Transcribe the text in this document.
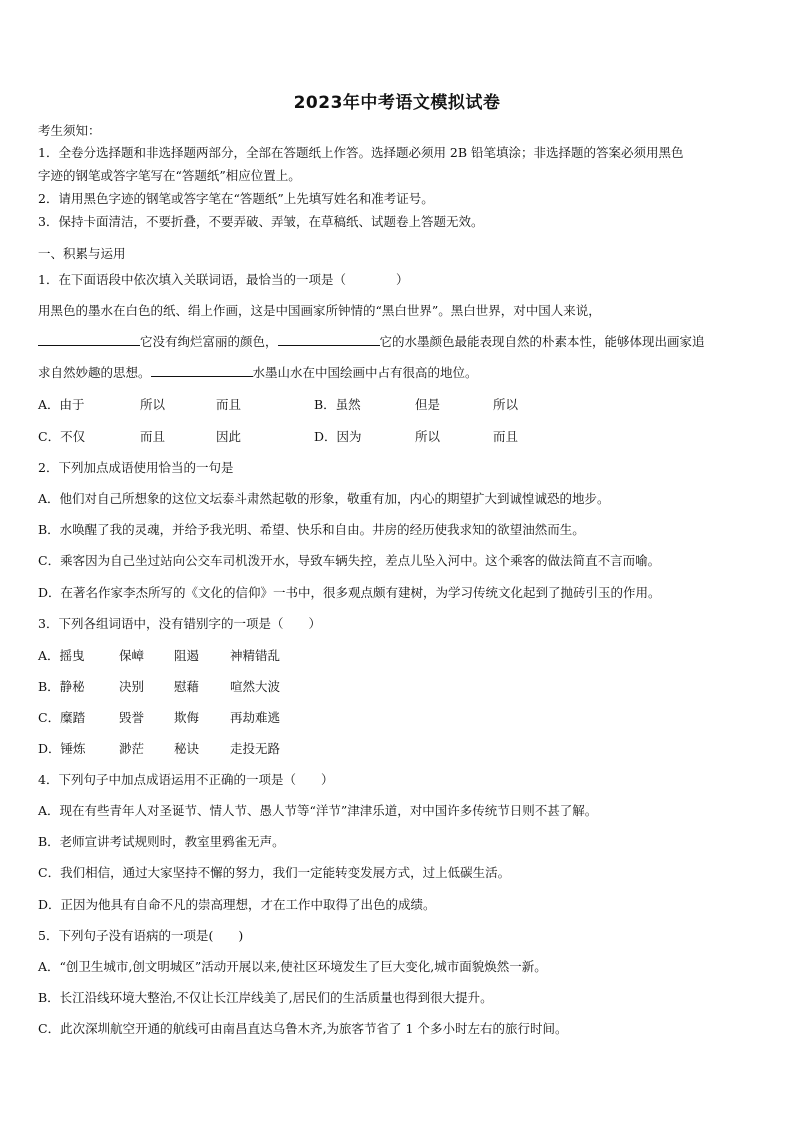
2023年中考语文模拟试卷
考生须知：

1．全卷分选择题和非选择题两部分，全部在答题纸上作答。选择题必须用 2B 铅笔填涂；非选择题的答案必须用黑色

字迹的钢笔或答字笔写在“答题纸”相应位置上。

2．请用黑色字迹的钢笔或答字笔在“答题纸”上先填写姓名和准考证号。

3．保持卡面清洁，不要折叠，不要弄破、弄皱，在草稿纸、试题卷上答题无效。

一、积累与运用
1．在下面语段中依次填入关联词语，最恰当的一项是（　　　　）

用黑色的墨水在白色的纸、绢上作画，这是中国画家所钟情的“黑白世界”。黑白世界，对中国人来说，

它没有绚烂富丽的颜色，	它的水墨颜色最能表现自然的朴素本性，能够体现出画家追

求自然妙趣的思想。	水墨山水在中国绘画中占有很高的地位。

A．由于	所以	而且	B．虽然	但是	所以
C．不仅	而且	因此	D．因为	所以	而且
2．下列加点成语使用恰当的一句是
A．他们对自己所想象的这位文坛泰斗肃然起敬的形象，敬重有加，内心的期望扩大到诚惶诚恐的地步。
B．水唤醒了我的灵魂，并给予我光明、希望、快乐和自由。井房的经历使我求知的欲望油然而生。
C．乘客因为自己坐过站向公交车司机泼开水，导致车辆失控，差点儿坠入河中。这个乘客的做法简直不言而喻。
D．在著名作家李杰所写的《文化的信仰》一书中，很多观点颇有建树，为学习传统文化起到了抛砖引玉的作用。
3．下列各组词语中，没有错别字的一项是（　　）
A．摇曳	保嶂 阻遏 神精错乱
B．静秘	决别 慰藉 喧然大波
C．糜踏	毁誉 欺侮 再劫难逃
D．锤炼	渺茫 秘诀 走投无路
4．下列句子中加点成语运用不正确的一项是（　　）
A．现在有些青年人对圣诞节、情人节、愚人节等“洋节”津津乐道，对中国许多传统节日则不甚了解。
B．老师宣讲考试规则时，教室里鸦雀无声。
C．我们相信，通过大家坚持不懈的努力，我们一定能转变发展方式，过上低碳生活。
D．正因为他具有自命不凡的崇高理想，才在工作中取得了出色的成绩。
5．下列句子没有语病的一项是(　　)
A．“创卫生城市,创文明城区”活动开展以来,使社区环境发生了巨大变化,城市面貌焕然一新。
B．长江沿线环境大整治,不仅让长江岸线美了,居民们的生活质量也得到很大提升。
C．此次深圳航空开通的航线可由南昌直达乌鲁木齐,为旅客节省了 1 个多小时左右的旅行时间。
